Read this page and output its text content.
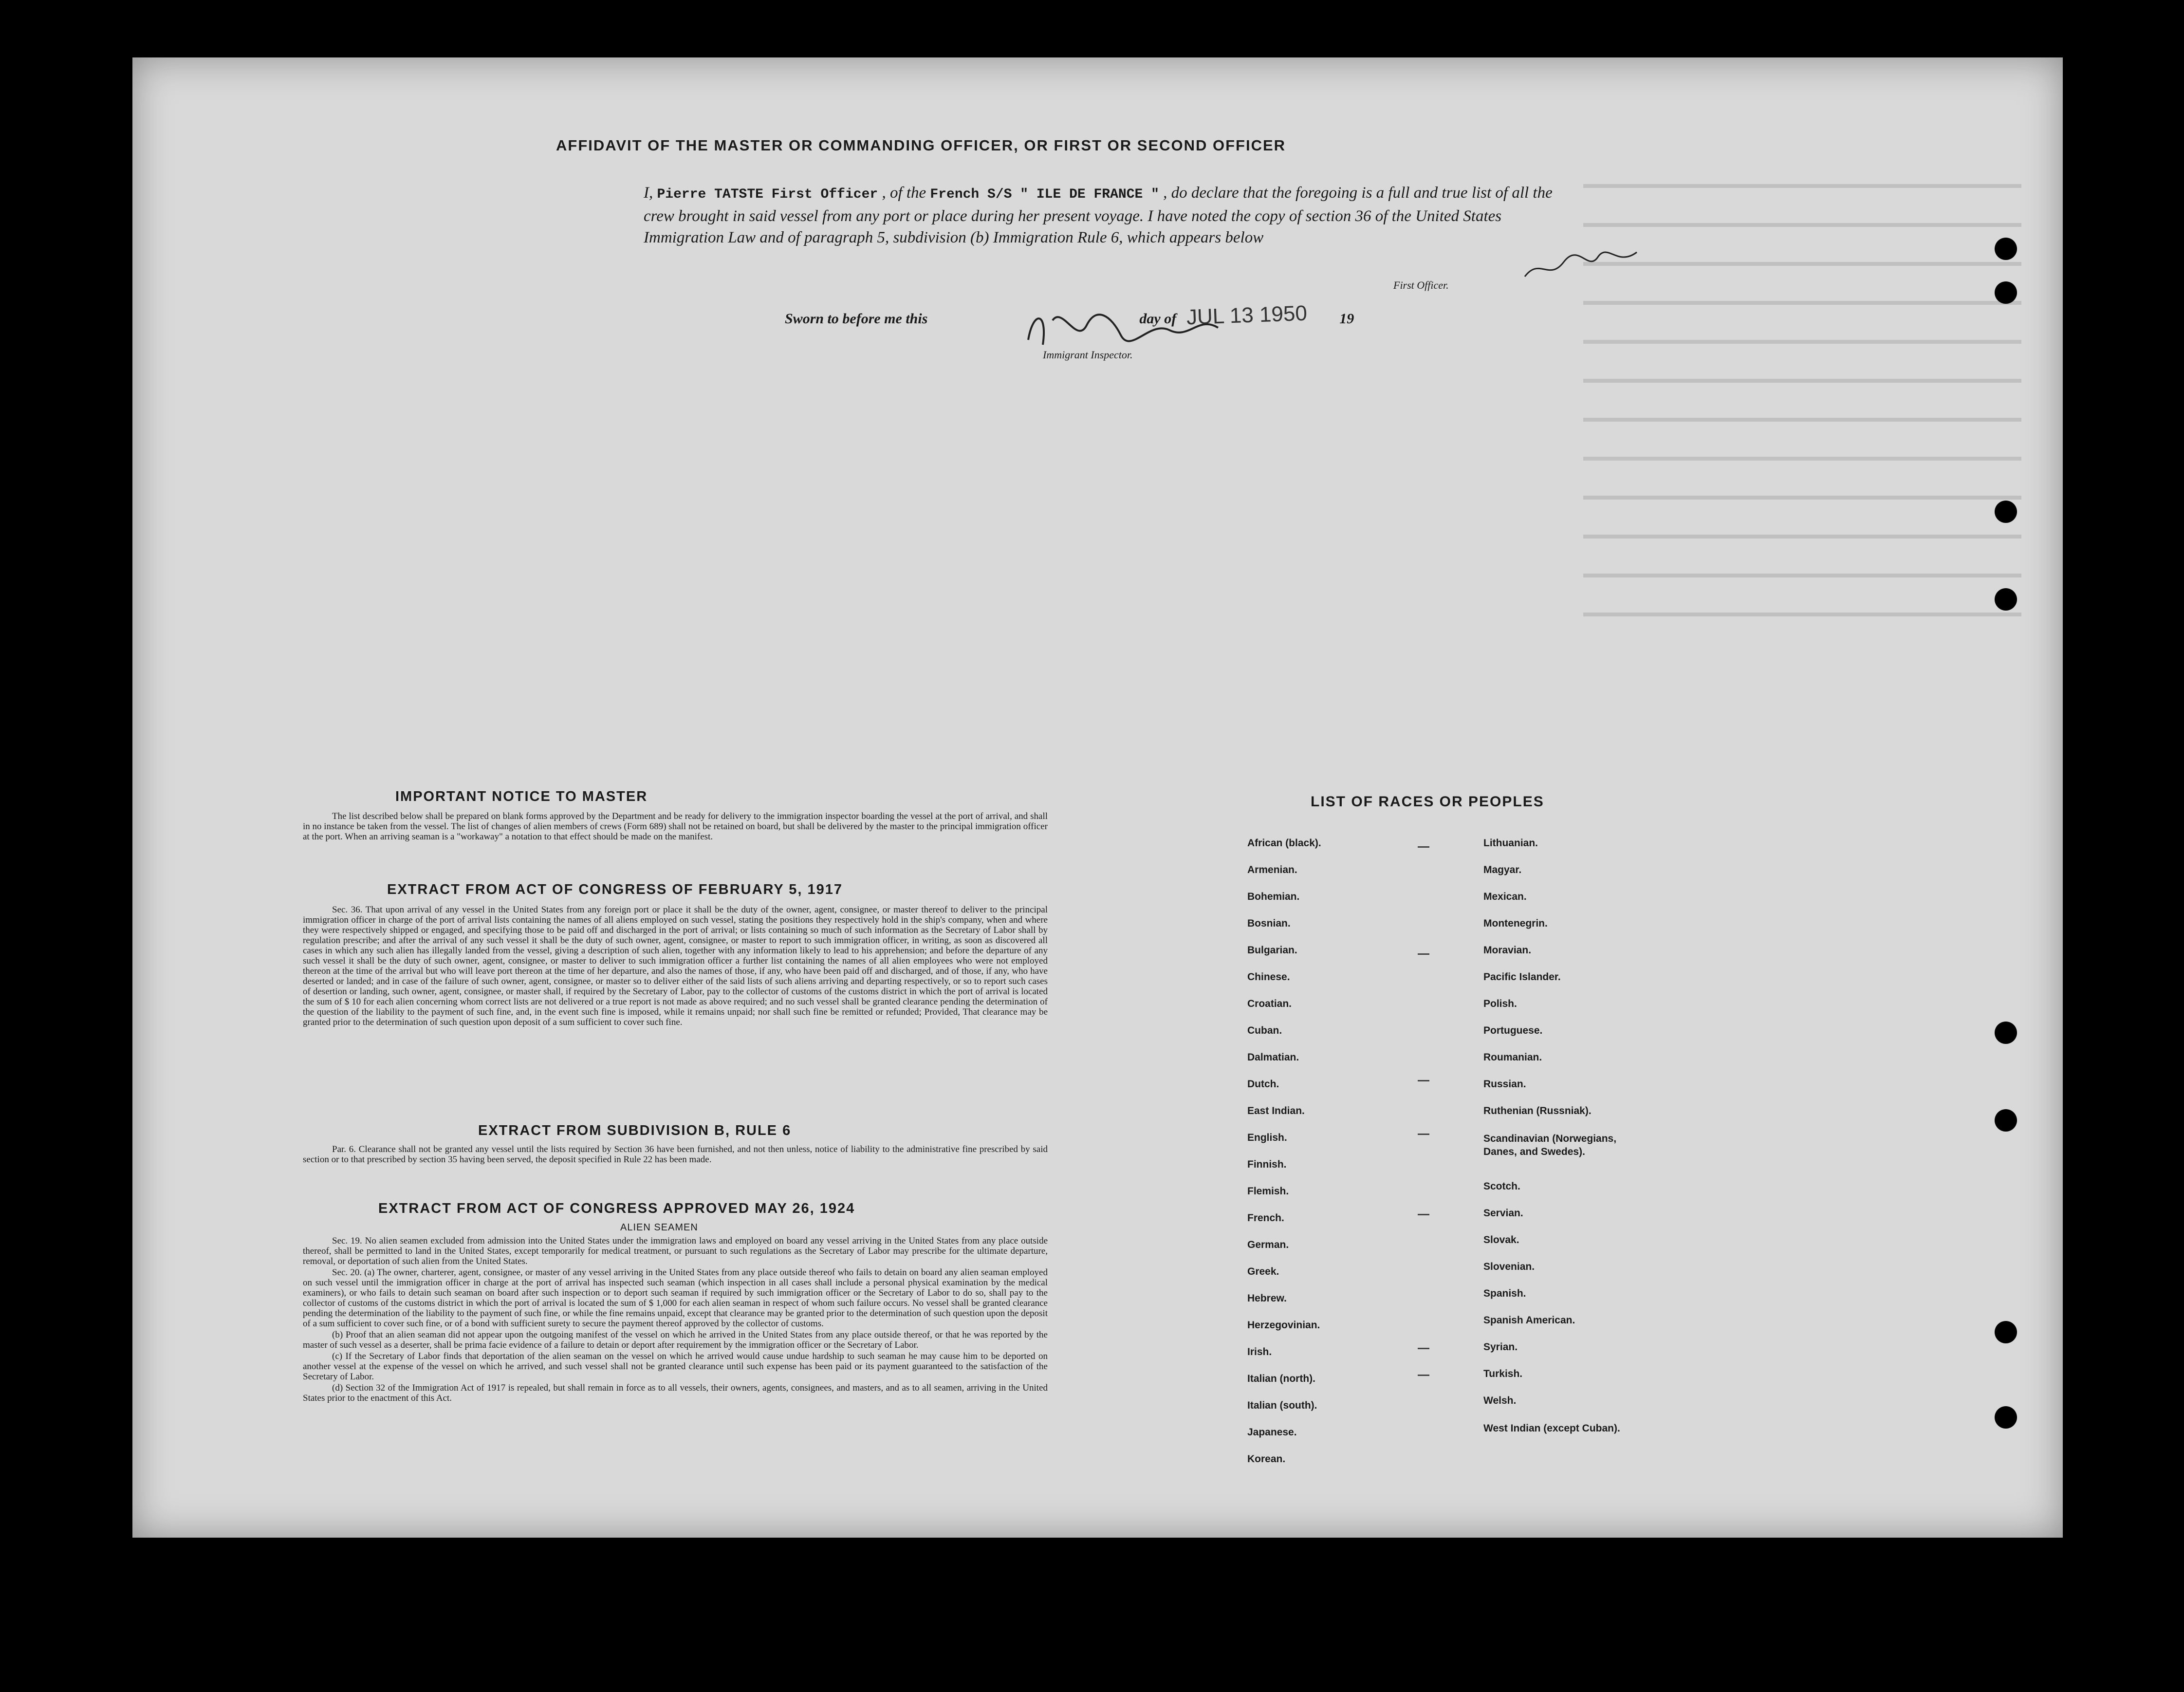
AFFIDAVIT OF THE MASTER OR COMMANDING OFFICER, OR FIRST OR SECOND OFFICER
I, Pierre TATSTE First Officer , of the French S/S " ILE DE FRANCE " , do declare that the foregoing is a full and true list of all the crew brought in said vessel from any port or place during her present voyage. I have noted the copy of section 36 of the United States Immigration Law and of paragraph 5, subdivision (b) Immigration Rule 6, which appears below
First Officer.
Sworn to before me this	day of	19
JUL 13 1950
Immigrant Inspector.
IMPORTANT NOTICE TO MASTER

The list described below shall be prepared on blank forms approved by the Department and be ready for delivery to the immigration inspector boarding the vessel at the port of arrival, and shall in no instance be taken from the vessel. The list of changes of alien members of crews (Form 689) shall not be retained on board, but shall be delivered by the master to the principal immigration officer at the port. When an arriving seaman is a "workaway" a notation to that effect should be made on the manifest.

EXTRACT FROM ACT OF CONGRESS OF FEBRUARY 5, 1917

Sec. 36. That upon arrival of any vessel in the United States from any foreign port or place it shall be the duty of the owner, agent, consignee, or master thereof to deliver to the principal immigration officer in charge of the port of arrival lists containing the names of all aliens employed on such vessel, stating the positions they respectively hold in the ship's company, when and where they were respectively shipped or engaged, and specifying those to be paid off and discharged in the port of arrival; or lists containing so much of such information as the Secretary of Labor shall by regulation prescribe; and after the arrival of any such vessel it shall be the duty of such owner, agent, consignee, or master to report to such immigration officer, in writing, as soon as discovered all cases in which any such alien has illegally landed from the vessel, giving a description of such alien, together with any information likely to lead to his apprehension; and before the departure of any such vessel it shall be the duty of such owner, agent, consignee, or master to deliver to such immigration officer a further list containing the names of all alien employees who were not employed thereon at the time of the arrival but who will leave port thereon at the time of her departure, and also the names of those, if any, who have been paid off and discharged, and of those, if any, who have deserted or landed; and in case of the failure of such owner, agent, consignee, or master so to deliver either of the said lists of such aliens arriving and departing respectively, or so to report such cases of desertion or landing, such owner, agent, consignee, or master shall, if required by the Secretary of Labor, pay to the collector of customs of the customs district in which the port of arrival is located the sum of $ 10 for each alien concerning whom correct lists are not delivered or a true report is not made as above required; and no such vessel shall be granted clearance pending the determination of the question of the liability to the payment of such fine, and, in the event such fine is imposed, while it remains unpaid; nor shall such fine be remitted or refunded; Provided, That clearance may be granted prior to the determination of such question upon deposit of a sum sufficient to cover such fine.

EXTRACT FROM SUBDIVISION B, RULE 6

Par. 6. Clearance shall not be granted any vessel until the lists required by Section 36 have been furnished, and not then unless, notice of liability to the administrative fine prescribed by said section or to that prescribed by section 35 having been served, the deposit specified in Rule 22 has been made.

EXTRACT FROM ACT OF CONGRESS APPROVED MAY 26, 1924
ALIEN SEAMEN

Sec. 19. No alien seamen excluded from admission into the United States under the immigration laws and employed on board any vessel arriving in the United States from any place outside thereof, shall be permitted to land in the United States, except temporarily for medical treatment, or pursuant to such regulations as the Secretary of Labor may prescribe for the ultimate departure, removal, or deportation of such alien from the United States.

Sec. 20. (a) The owner, charterer, agent, consignee, or master of any vessel arriving in the United States from any place outside thereof who fails to detain on board any alien seaman employed on such vessel until the immigration officer in charge at the port of arrival has inspected such seaman (which inspection in all cases shall include a personal physical examination by the medical examiners), or who fails to detain such seaman on board after such inspection or to deport such seaman if required by such immigration officer or the Secretary of Labor to do so, shall pay to the collector of customs of the customs district in which the port of arrival is located the sum of $ 1,000 for each alien seaman in respect of whom such failure occurs. No vessel shall be granted clearance pending the determination of the liability to the payment of such fine, or while the fine remains unpaid, except that clearance may be granted prior to the determination of such question upon the deposit of a sum sufficient to cover such fine, or of a bond with sufficient surety to secure the payment thereof approved by the collector of customs.

(b) Proof that an alien seaman did not appear upon the outgoing manifest of the vessel on which he arrived in the United States from any place outside thereof, or that he was reported by the master of such vessel as a deserter, shall be prima facie evidence of a failure to detain or deport after requirement by the immigration officer or the Secretary of Labor.

(c) If the Secretary of Labor finds that deportation of the alien seaman on the vessel on which he arrived would cause undue hardship to such seaman he may cause him to be deported on another vessel at the expense of the vessel on which he arrived, and such vessel shall not be granted clearance until such expense has been paid or its payment guaranteed to the satisfaction of the Secretary of Labor.

(d) Section 32 of the Immigration Act of 1917 is repealed, but shall remain in force as to all vessels, their owners, agents, consignees, and masters, and as to all seamen, arriving in the United States prior to the enactment of this Act.

LIST OF RACES OR PEOPLES
African (black).
Armenian.
Bohemian.
Bosnian.
Bulgarian.
Chinese.
Croatian.
Cuban.
Dalmatian.
Dutch.
East Indian.
English.
Finnish.
Flemish.
French.
German.
Greek.
Hebrew.
Herzegovinian.
Irish.
Italian (north).
Italian (south).
Japanese.
Korean.
Lithuanian.
Magyar.
Mexican.
Montenegrin.
Moravian.
Pacific Islander.
Polish.
Portuguese.
Roumanian.
Russian.
Ruthenian (Russniak).
Scandinavian (Norwegians, Danes, and Swedes).
Scotch.
Servian.
Slovak.
Slovenian.
Spanish.
Spanish American.
Syrian.
Turkish.
Welsh.
West Indian (except Cuban).
